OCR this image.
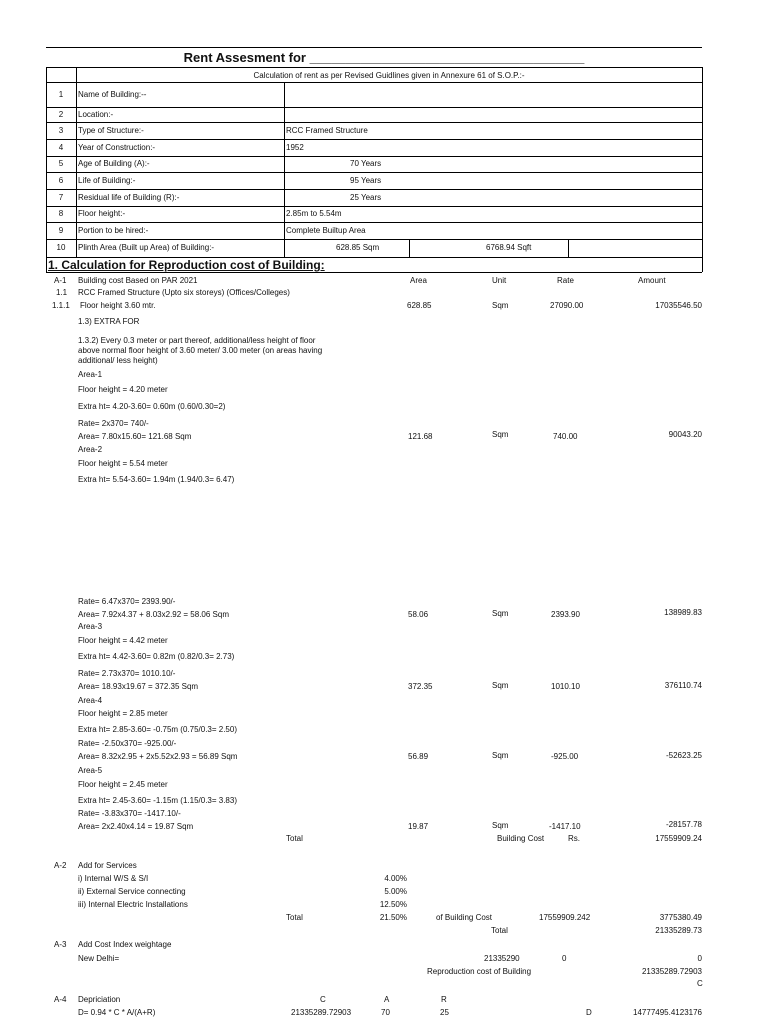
Rent Assesment for ______________________________________
Calculation of rent as per Revised Guidlines given in Annexure 61 of S.O.P.:-
1	Name of Building:--
2	Location:-
3	Type of Structure:-	RCC Framed Structure
4	Year of Construction:-	1952
5	Age of Building (A):-	70 Years
6	Life of Building:-	95 Years
7	Residual life of Building (R):-	25 Years
8	Floor height:-	2.85m to 5.54m
9	Portion to be hired:-	Complete Builtup Area
10	Plinth Area (Built up Area) of Building:-	628.85 Sqm	6768.94 Sqft
1. Calculation for Reproduction cost of Building:
A-1 Building cost Based on PAR 2021	Area	Unit	Rate	Amount
1.1 RCC Framed Structure (Upto six storeys) (Offices/Colleges)
1.1.1 Floor height 3.60 mtr.	628.85	Sqm	27090.00	17035546.50
1.3) EXTRA FOR
1.3.2) Every 0.3 meter or part thereof, additional/less height of floor
above normal floor height of 3.60 meter/ 3.00 meter (on areas having
additional/ less height)
Area-1
Floor height = 4.20 meter
Extra ht= 4.20-3.60= 0.60m (0.60/0.30=2)
Rate= 2x370= 740/-
Area= 7.80x15.60= 121.68 Sqm	121.68	Sqm	740.00	90043.20
Area-2
Floor height = 5.54 meter
Extra ht= 5.54-3.60= 1.94m (1.94/0.3= 6.47)
Rate= 6.47x370= 2393.90/-
Area= 7.92x4.37 + 8.03x2.92 = 58.06 Sqm	58.06	Sqm	2393.90	138989.83
Area-3
Floor height = 4.42 meter
Extra ht= 4.42-3.60= 0.82m (0.82/0.3= 2.73)
Rate= 2.73x370= 1010.10/-
Area= 18.93x19.67 = 372.35 Sqm	372.35	Sqm	1010.10	376110.74
Area-4
Floor height = 2.85 meter
Extra ht= 2.85-3.60= -0.75m (0.75/0.3= 2.50)
Rate= -2.50x370= -925.00/-
Area= 8.32x2.95 + 2x5.52x2.93 = 56.89 Sqm	56.89	Sqm	-925.00	-52623.25
Area-5
Floor height = 2.45 meter
Extra ht= 2.45-3.60= -1.15m (1.15/0.3= 3.83)
Rate= -3.83x370= -1417.10/-
Area= 2x2.40x4.14 = 19.87 Sqm	19.87	Sqm	-1417.10	-28157.78
Total	Building Cost	Rs.	17559909.24
A-2 Add for Services
i) Internal W/S & S/I	4.00%
ii) External Service connecting	5.00%
iii) Internal Electric Installations	12.50%
Total	21.50%	of Building Cost	17559909.242	3775380.49
Total	21335289.73
A-3 Add Cost Index weightage
New Delhi=	21335290	0	0
Reproduction cost of Building	21335289.72903
C
A-4 Depriciation	C	A	R
D= 0.94 * C * A/(A+R)	21335289.72903	70	25	D	14777495.4123176
